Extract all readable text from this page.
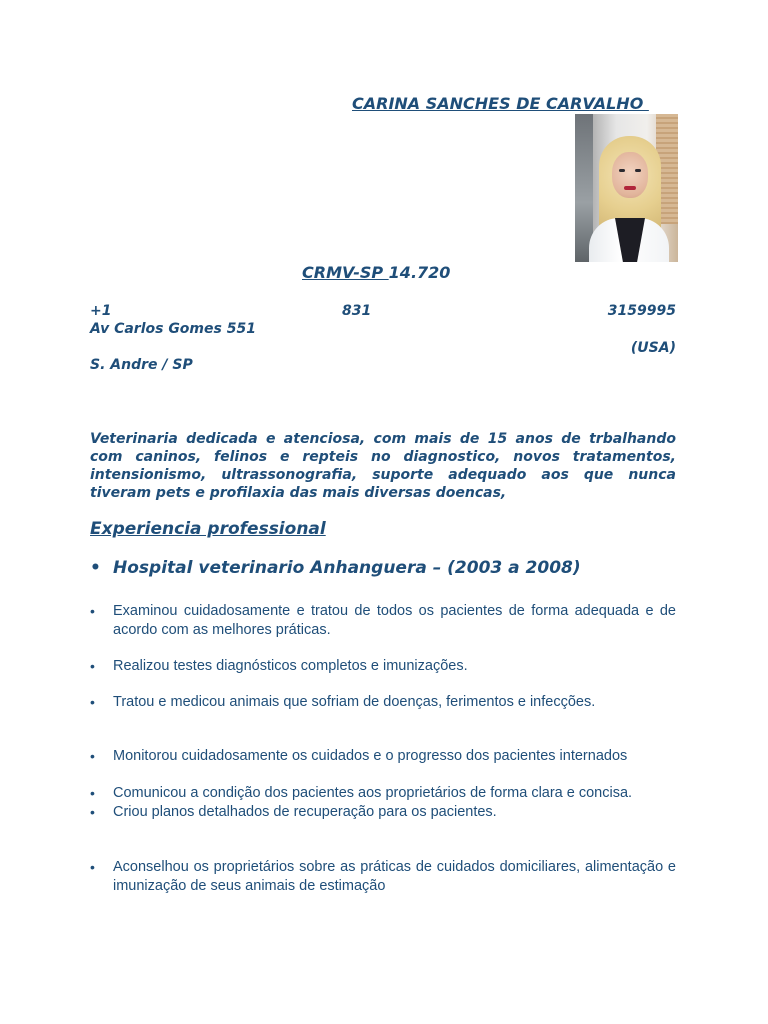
CARINA SANCHES DE CARVALHO
CRMV-SP 14.720
+1	831	3159995
Av Carlos Gomes 551
(USA)
S. Andre / SP
Veterinaria dedicada e atenciosa, com mais de 15 anos de trbalhando com caninos, felinos e repteis no diagnostico, novos tratamentos, intensionismo, ultrassonografia, suporte adequado aos que nunca tiveram pets e profilaxia das mais diversas doencas,
Experiencia professional
• Hospital veterinario Anhanguera – (2003 a 2008)
• Examinou cuidadosamente e tratou de todos os pacientes de forma adequada e de acordo com as melhores práticas.
• Realizou testes diagnósticos completos e imunizações.
• Tratou e medicou animais que sofriam de doenças, ferimentos e infecções.
• Monitorou cuidadosamente os cuidados e o progresso dos pacientes internados
• Comunicou a condição dos pacientes aos proprietários de forma clara e concisa.
• Criou planos detalhados de recuperação para os pacientes.
• Aconselhou os proprietários sobre as práticas de cuidados domiciliares, alimentação e imunização de seus animais de estimação
